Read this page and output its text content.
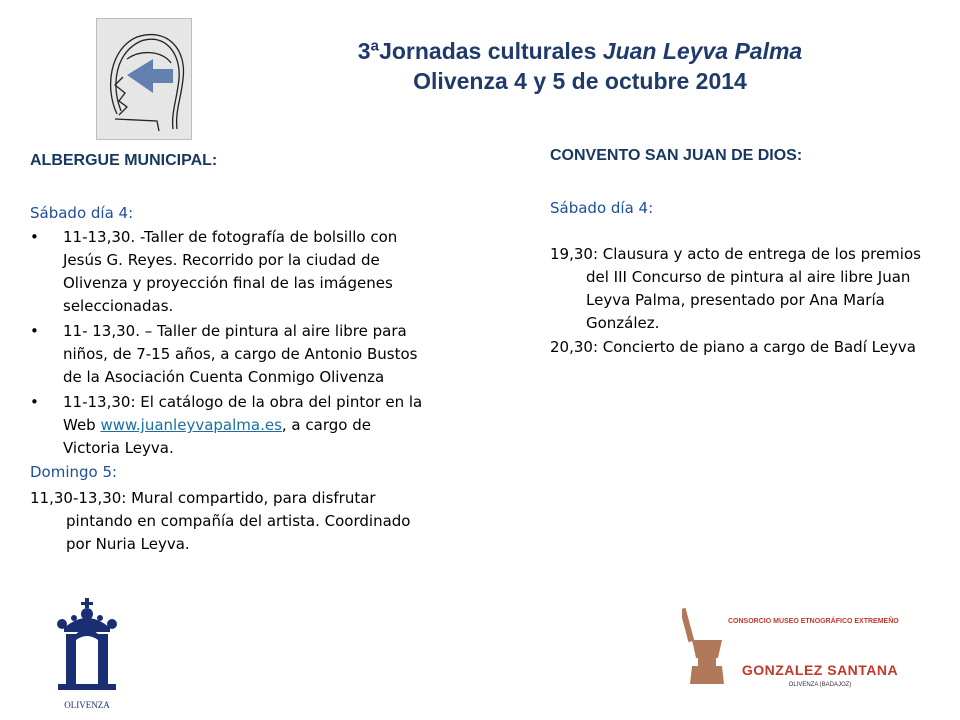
3ªJornadas culturales Juan Leyva Palma
Olivenza 4 y 5 de octubre 2014
ALBERGUE MUNICIPAL:
Sábado día 4:
• 11-13,30. -Taller de fotografía de bolsillo con Jesús G. Reyes. Recorrido por la ciudad de Olivenza y proyección final de las imágenes seleccionadas.
• 11- 13,30. – Taller de pintura al aire libre para niños, de 7-15 años, a cargo de Antonio Bustos de la Asociación Cuenta Conmigo Olivenza
• 11-13,30: El catálogo de la obra del pintor en la Web www.juanleyvapalma.es, a cargo de Victoria Leyva.
Domingo 5:
11,30-13,30: Mural compartido, para disfrutar pintando en compañía del artista. Coordinado por Nuria Leyva.
CONVENTO SAN JUAN DE DIOS:
Sábado día 4:
19,30: Clausura y acto de entrega de los premios del III Concurso de pintura al aire libre Juan Leyva Palma, presentado por Ana María González.
20,30: Concierto de piano a cargo de Badí Leyva
OLIVENZA
CONSORCIO MUSEO ETNOGRÁFICO EXTREMEÑO
GONZALEZ SANTANA
OLIVENZA (BADAJOZ)
